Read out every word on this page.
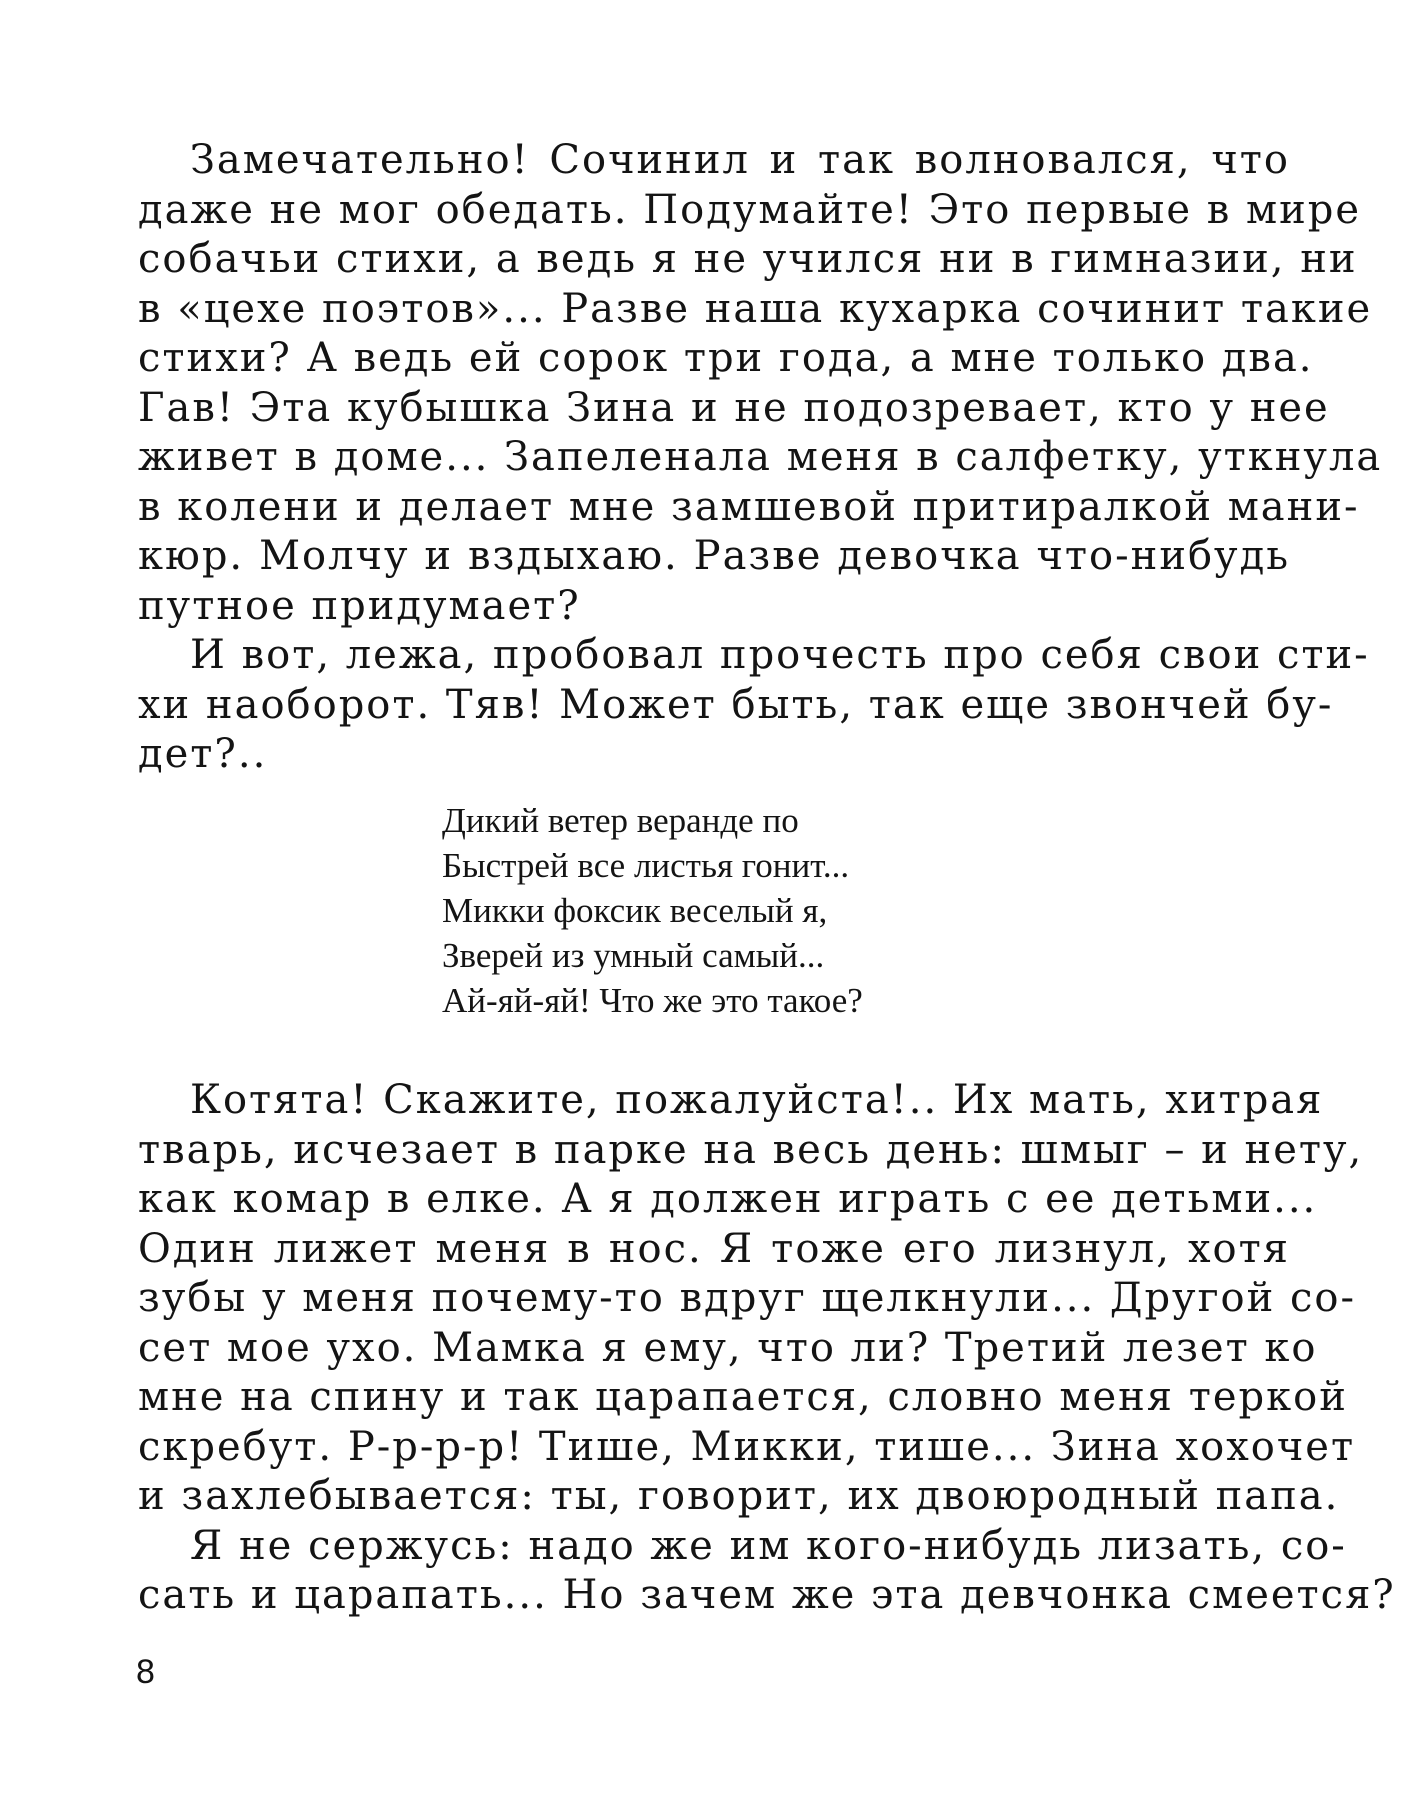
Замечательно! Сочинил и так волновался, что
даже не мог обедать. Подумайте! Это первые в мире
собачьи стихи, а ведь я не учился ни в гимназии, ни
в «цехе поэтов»... Разве наша кухарка сочинит такие
стихи? А ведь ей сорок три года, а мне только два.
Гав! Эта кубышка Зина и не подозревает, кто у нее
живет в доме... Запеленала меня в салфетку, уткнула
в колени и делает мне замшевой притиралкой мани-
кюр. Молчу и вздыхаю. Разве девочка что-нибудь
путное придумает?
И вот, лежа, пробовал прочесть про себя свои сти-
хи наоборот. Тяв! Может быть, так еще звончей бу-
дет?..
Дикий ветер веранде по
Быстрей все листья гонит...
Микки фоксик веселый я,
Зверей из умный самый...
Ай-яй-яй! Что же это такое?
Котята! Скажите, пожалуйста!.. Их мать, хитрая
тварь, исчезает в парке на весь день: шмыг – и нету,
как комар в елке. А я должен играть с ее детьми...
Один лижет меня в нос. Я тоже его лизнул, хотя
зубы у меня почему-то вдруг щелкнули... Другой со-
сет мое ухо. Мамка я ему, что ли? Третий лезет ко
мне на спину и так царапается, словно меня теркой
скребут. Р-р-р-р! Тише, Микки, тише... Зина хохочет
и захлебывается: ты, говорит, их двоюродный папа.
Я не сержусь: надо же им кого-нибудь лизать, со-
сать и царапать... Но зачем же эта девчонка смеется?
8
